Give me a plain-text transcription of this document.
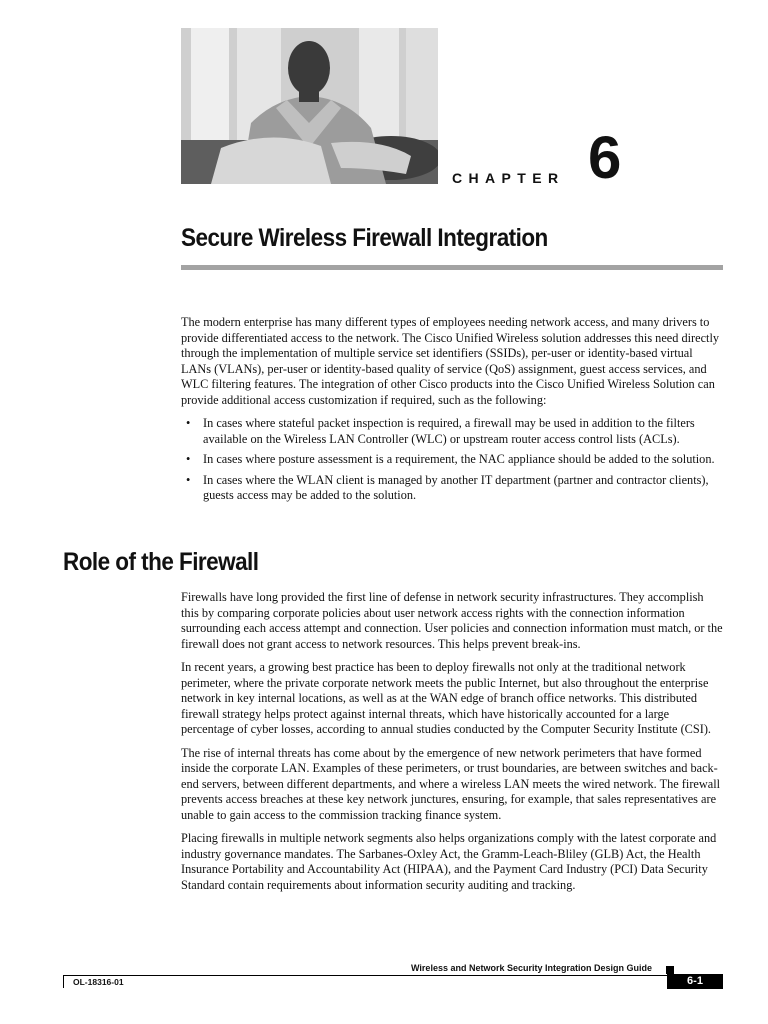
CHAPTER 6
Secure Wireless Firewall Integration

The modern enterprise has many different types of employees needing network access, and many drivers to provide differentiated access to the network. The Cisco Unified Wireless solution addresses this need directly through the implementation of multiple service set identifiers (SSIDs), per-user or identity-based virtual LANs (VLANs), per-user or identity-based quality of service (QoS) assignment, guest access services, and WLC filtering features. The integration of other Cisco products into the Cisco Unified Wireless Solution can provide additional access customization if required, such as the following:

• In cases where stateful packet inspection is required, a firewall may be used in addition to the filters available on the Wireless LAN Controller (WLC) or upstream router access control lists (ACLs).
• In cases where posture assessment is a requirement, the NAC appliance should be added to the solution.
• In cases where the WLAN client is managed by another IT department (partner and contractor clients), guests access may be added to the solution.
Role of the Firewall

Firewalls have long provided the first line of defense in network security infrastructures. They accomplish this by comparing corporate policies about user network access rights with the connection information surrounding each access attempt and connection. User policies and connection information must match, or the firewall does not grant access to network resources. This helps prevent break-ins.

In recent years, a growing best practice has been to deploy firewalls not only at the traditional network perimeter, where the private corporate network meets the public Internet, but also throughout the enterprise network in key internal locations, as well as at the WAN edge of branch office networks. This distributed firewall strategy helps protect against internal threats, which have historically accounted for a large percentage of cyber losses, according to annual studies conducted by the Computer Security Institute (CSI).

The rise of internal threats has come about by the emergence of new network perimeters that have formed inside the corporate LAN. Examples of these perimeters, or trust boundaries, are between switches and back-end servers, between different departments, and where a wireless LAN meets the wired network. The firewall prevents access breaches at these key network junctures, ensuring, for example, that sales representatives are unable to gain access to the commission tracking finance system.

Placing firewalls in multiple network segments also helps organizations comply with the latest corporate and industry governance mandates. The Sarbanes-Oxley Act, the Gramm-Leach-Bliley (GLB) Act, the Health Insurance Portability and Accountability Act (HIPAA), and the Payment Card Industry (PCI) Data Security Standard contain requirements about information security auditing and tracking.

Wireless and Network Security Integration Design Guide
OL-18316-01	6-1
